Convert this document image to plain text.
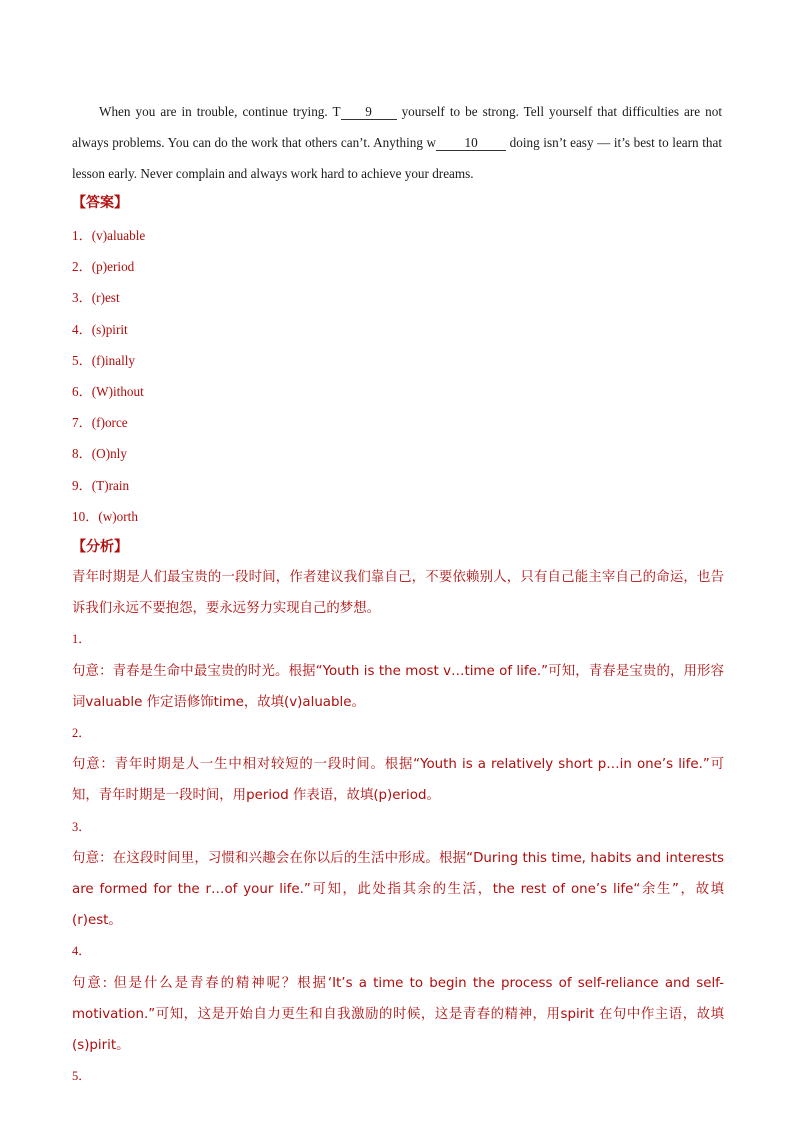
When you are in trouble, continue trying. T 9 yourself to be strong. Tell yourself that difficulties are not always problems. You can do the work that others can’t. Anything w 10 doing isn’t easy — it’s best to learn that lesson early. Never complain and always work hard to achieve your dreams.

【答案】
1．(v)aluable
2．(p)eriod
3．(r)est
4．(s)pirit
5．(f)inally
6．(W)ithout
7．(f)orce
8．(O)nly
9．(T)rain
10．(w)orth
【分析】

青年时期是人们最宝贵的一段时间，作者建议我们靠自己，不要依赖别人，只有自己能主宰自己的命运，也告诉我们永远不要抱怨，要永远努力实现自己的梦想。

1．

句意：青春是生命中最宝贵的时光。根据“Youth is the most v…time of life.”可知，青春是宝贵的，用形容词valuable 作定语修饰time，故填(v)aluable。

2．

句意：青年时期是人一生中相对较短的一段时间。根据“Youth is a relatively short p…in one’s life.”可知，青年时期是一段时间，用period 作表语，故填(p)eriod。

3．

句意：在这段时间里，习惯和兴趣会在你以后的生活中形成。根据“During this time, habits and interests are formed for the r…of your life.”可知，此处指其余的生活，the rest of one’s life“余生”，故填(r)est。

4．

句意: 但是什么是青春的精神呢？根据‘It’s a time to begin the process of self-reliance and self-motivation.”可知，这是开始自力更生和自我激励的时候，这是青春的精神，用spirit 在句中作主语，故填(s)pirit。

5．
